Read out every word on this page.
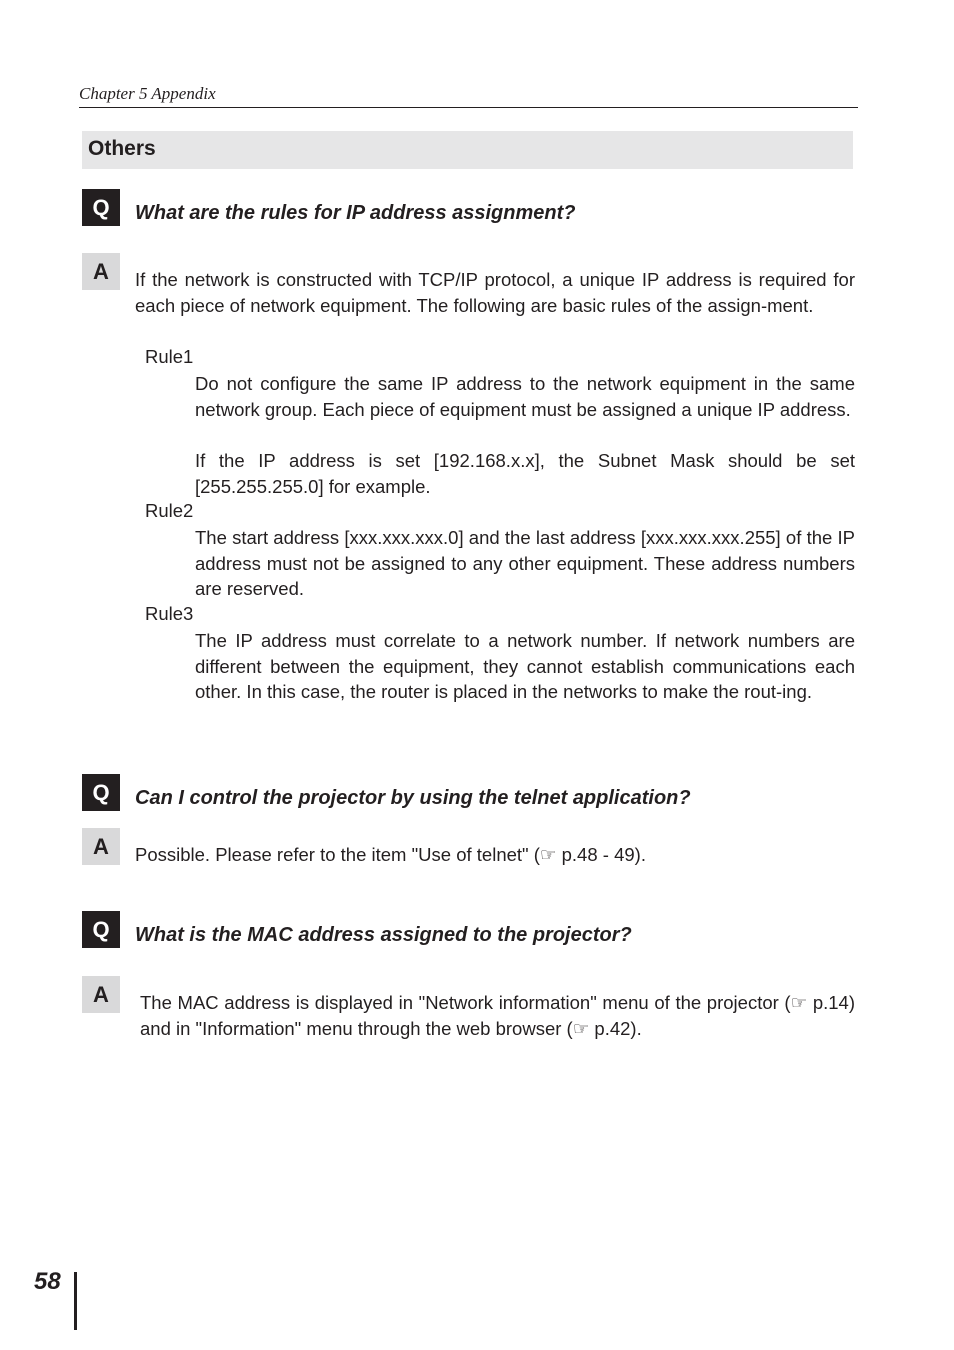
Chapter 5 Appendix
Others
Q	What are the rules for IP address assignment?
A	If the network is constructed with TCP/IP protocol, a unique IP address is required for each piece of network equipment. The following are basic rules of the assign-ment.
Rule1
Do not configure the same IP address to the network equipment in the same network group. Each piece of equipment must be assigned a unique IP address.
If the IP address is set [192.168.x.x], the Subnet Mask should be set [255.255.255.0] for example.
Rule2
The start address [xxx.xxx.xxx.0] and the last address [xxx.xxx.xxx.255] of the IP address must not be assigned to any other equipment. These address numbers are reserved.
Rule3
The IP address must correlate to a network number. If network numbers are different between the equipment, they cannot establish communications each other. In this case, the router is placed in the networks to make the rout-ing.
Q	Can I control the projector by using the telnet application?
A	Possible. Please refer to the item "Use of telnet" (☞ p.48 - 49).
Q	What is the MAC address assigned to the projector?
A	The MAC address is displayed in "Network information" menu of the projector (☞ p.14) and in "Information" menu through the web browser (☞ p.42).
58
